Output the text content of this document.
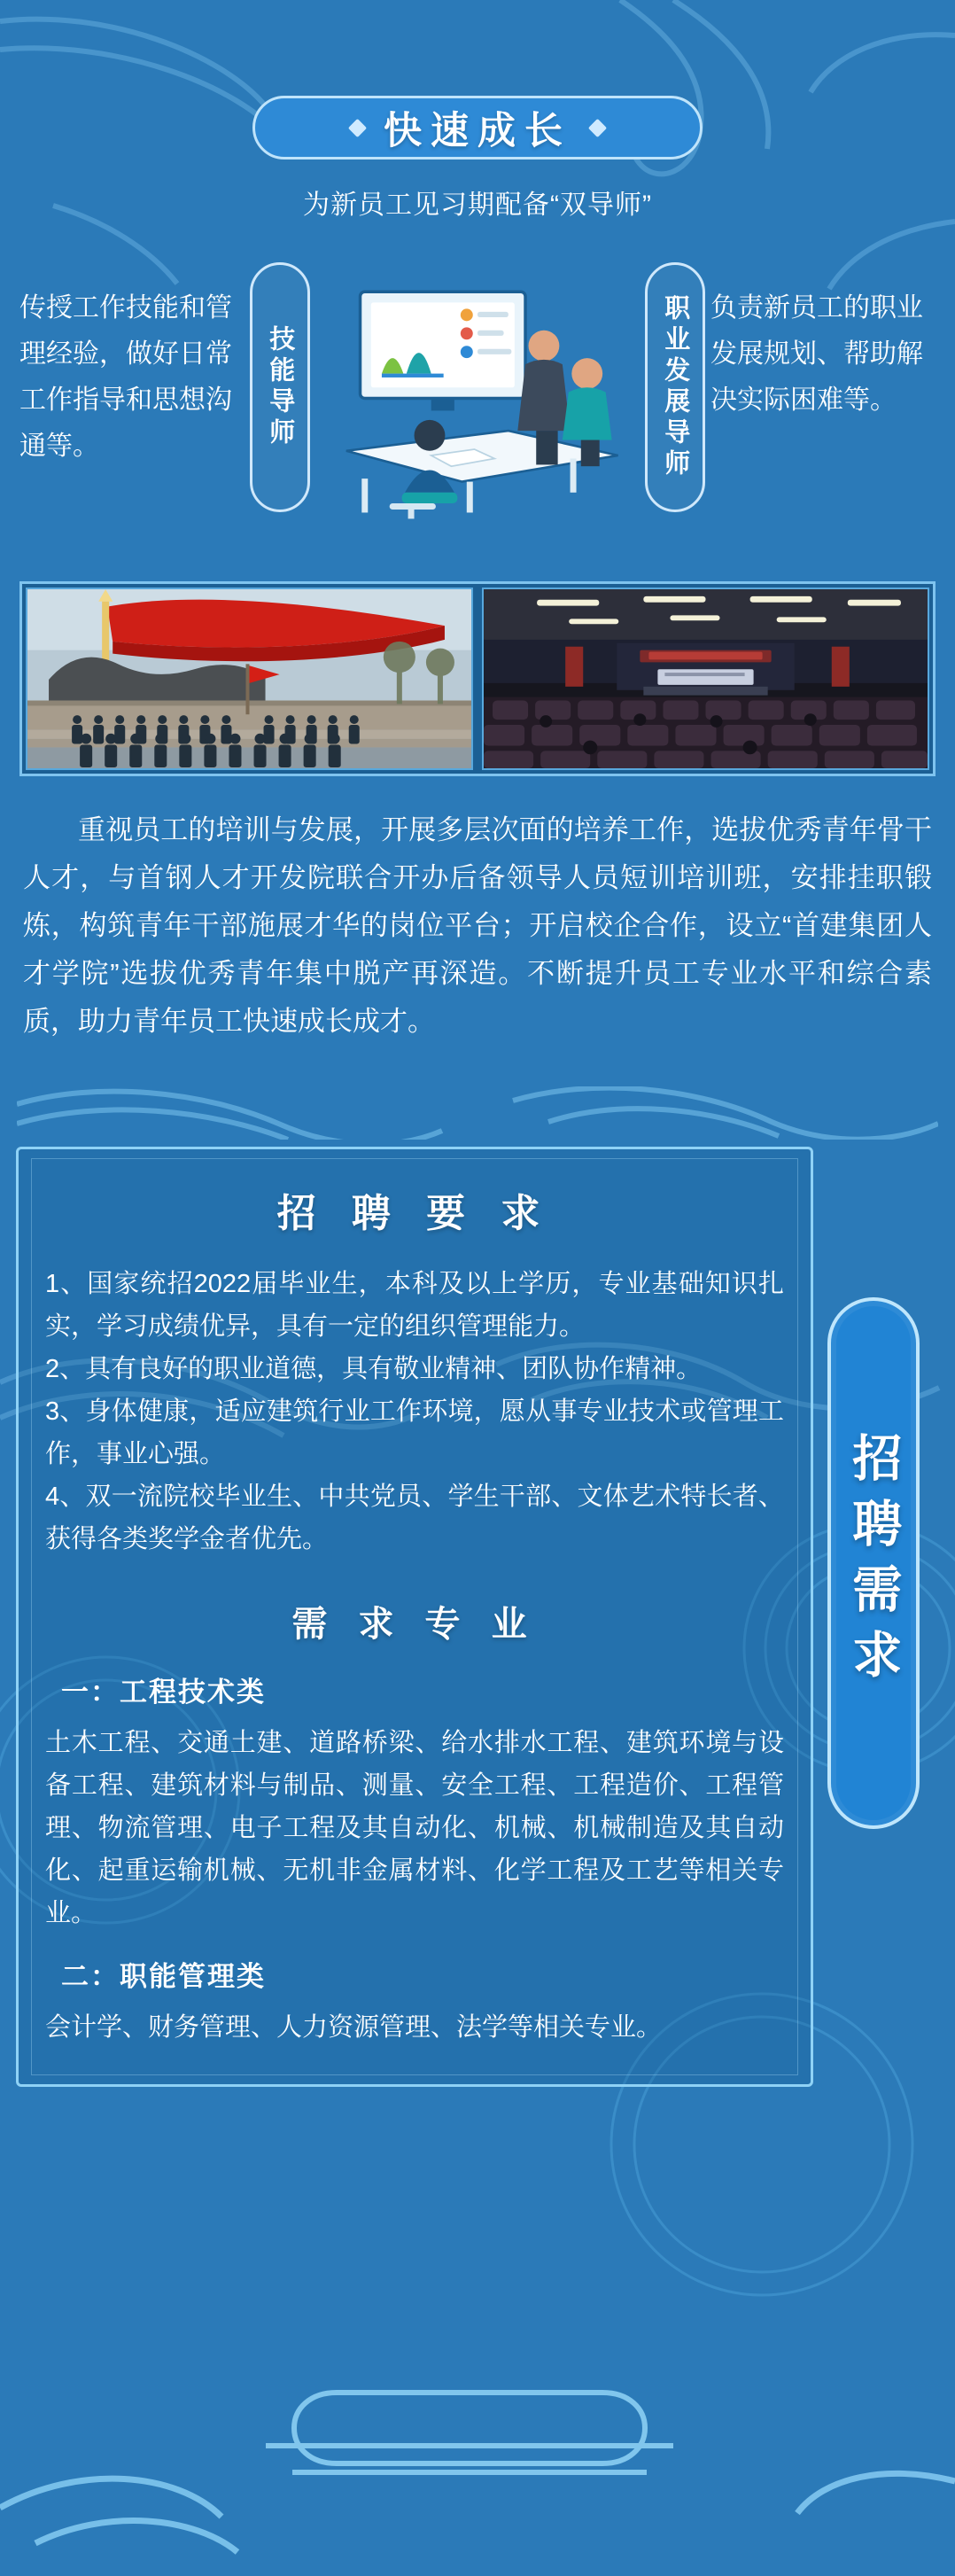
快速成长
为新员工见习期配备“双导师”
传授工作技能和管理经验，做好日常工作指导和思想沟通等。	技能导师	职业发展导师 负责新员工的职业发展规划、帮助解决实际困难等。

重视员工的培训与发展，开展多层次面的培养工作，选拔优秀青年骨干人才，与首钢人才开发院联合开办后备领导人员短训培训班，安排挂职锻炼，构筑青年干部施展才华的岗位平台；开启校企合作，设立“首建集团人才学院”选拔优秀青年集中脱产再深造。不断提升员工专业水平和综合素质，助力青年员工快速成长成才。

招 聘 要 求
1、国家统招2022届毕业生，本科及以上学历，专业基础知识扎实，学习成绩优异，具有一定的组织管理能力。
2、具有良好的职业道德，具有敬业精神、团队协作精神。
3、身体健康，适应建筑行业工作环境，愿从事专业技术或管理工作，事业心强。
4、双一流院校毕业生、中共党员、学生干部、文体艺术特长者、获得各类奖学金者优先。
需 求 专 业
一：工程技术类
土木工程、交通土建、道路桥梁、给水排水工程、建筑环境与设备工程、建筑材料与制品、测量、安全工程、工程造价、工程管理、物流管理、电子工程及其自动化、机械、机械制造及其自动化、起重运输机械、无机非金属材料、化学工程及工艺等相关专业。
二：职能管理类
会计学、财务管理、人力资源管理、法学等相关专业。
招聘需求
